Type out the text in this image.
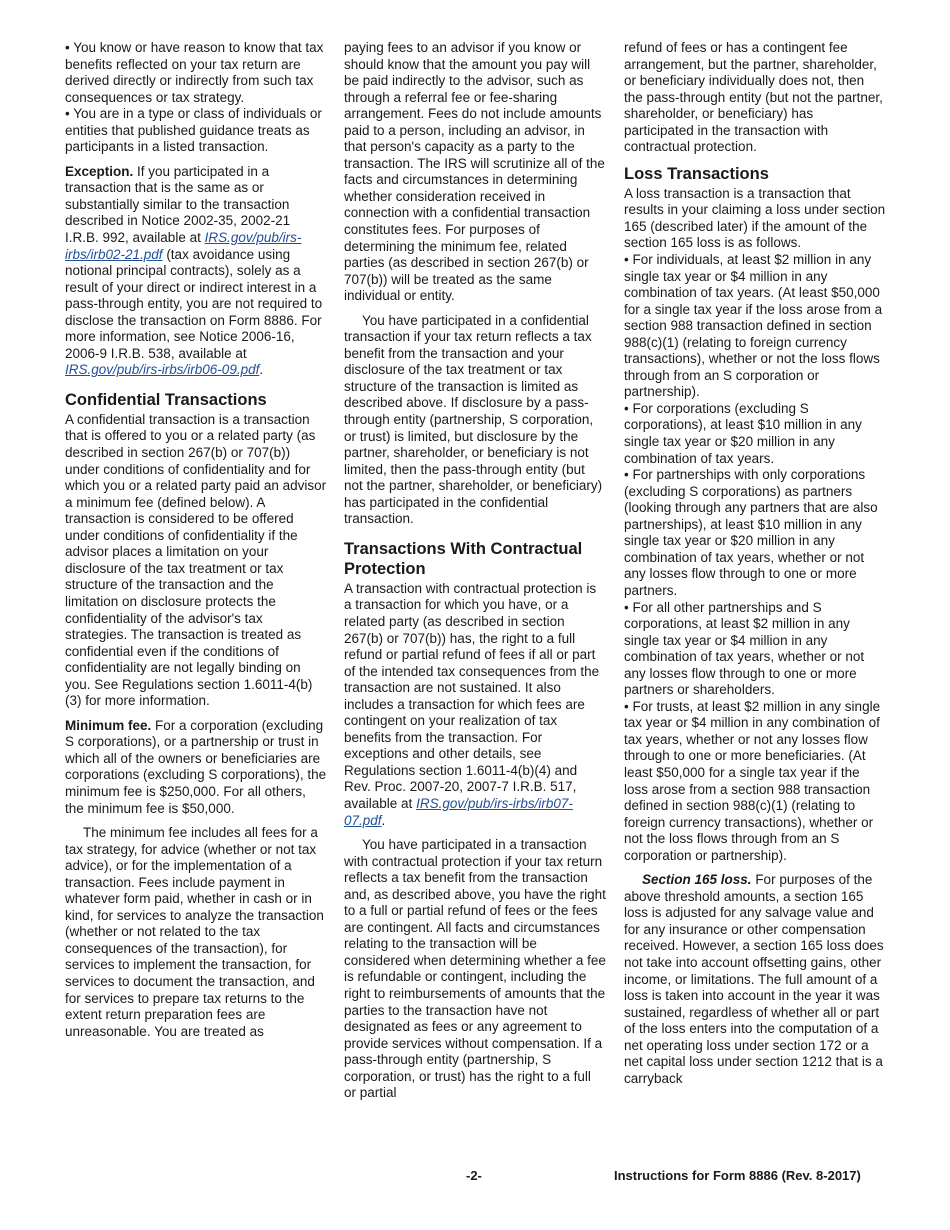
• You know or have reason to know that tax benefits reflected on your tax return are derived directly or indirectly from such tax consequences or tax strategy.

• You are in a type or class of individuals or entities that published guidance treats as participants in a listed transaction.

Exception. If you participated in a transaction that is the same as or substantially similar to the transaction described in Notice 2002-35, 2002-21 I.R.B. 992, available at IRS.gov/pub/irs-irbs/irb02-21.pdf (tax avoidance using notional principal contracts), solely as a result of your direct or indirect interest in a pass-through entity, you are not required to disclose the transaction on Form 8886. For more information, see Notice 2006-16, 2006-9 I.R.B. 538, available at IRS.gov/pub/irs-irbs/irb06-09.pdf.

Confidential Transactions

A confidential transaction is a transaction that is offered to you or a related party (as described in section 267(b) or 707(b)) under conditions of confidentiality and for which you or a related party paid an advisor a minimum fee (defined below). A transaction is considered to be offered under conditions of confidentiality if the advisor places a limitation on your disclosure of the tax treatment or tax structure of the transaction and the limitation on disclosure protects the confidentiality of the advisor's tax strategies. The transaction is treated as confidential even if the conditions of confidentiality are not legally binding on you. See Regulations section 1.6011-4(b)(3) for more information.

Minimum fee. For a corporation (excluding S corporations), or a partnership or trust in which all of the owners or beneficiaries are corporations (excluding S corporations), the minimum fee is $250,000. For all others, the minimum fee is $50,000.

The minimum fee includes all fees for a tax strategy, for advice (whether or not tax advice), or for the implementation of a transaction. Fees include payment in whatever form paid, whether in cash or in kind, for services to analyze the transaction (whether or not related to the tax consequences of the transaction), for services to implement the transaction, for services to document the transaction, and for services to prepare tax returns to the extent return preparation fees are unreasonable. You are treated as

paying fees to an advisor if you know or should know that the amount you pay will be paid indirectly to the advisor, such as through a referral fee or fee-sharing arrangement. Fees do not include amounts paid to a person, including an advisor, in that person's capacity as a party to the transaction. The IRS will scrutinize all of the facts and circumstances in determining whether consideration received in connection with a confidential transaction constitutes fees. For purposes of determining the minimum fee, related parties (as described in section 267(b) or 707(b)) will be treated as the same individual or entity.

You have participated in a confidential transaction if your tax return reflects a tax benefit from the transaction and your disclosure of the tax treatment or tax structure of the transaction is limited as described above. If disclosure by a pass-through entity (partnership, S corporation, or trust) is limited, but disclosure by the partner, shareholder, or beneficiary is not limited, then the pass-through entity (but not the partner, shareholder, or beneficiary) has participated in the confidential transaction.

Transactions With Contractual Protection

A transaction with contractual protection is a transaction for which you have, or a related party (as described in section 267(b) or 707(b)) has, the right to a full refund or partial refund of fees if all or part of the intended tax consequences from the transaction are not sustained. It also includes a transaction for which fees are contingent on your realization of tax benefits from the transaction. For exceptions and other details, see Regulations section 1.6011-4(b)(4) and Rev. Proc. 2007-20, 2007-7 I.R.B. 517, available at IRS.gov/pub/irs-irbs/irb07-07.pdf.

You have participated in a transaction with contractual protection if your tax return reflects a tax benefit from the transaction and, as described above, you have the right to a full or partial refund of fees or the fees are contingent. All facts and circumstances relating to the transaction will be considered when determining whether a fee is refundable or contingent, including the right to reimbursements of amounts that the parties to the transaction have not designated as fees or any agreement to provide services without compensation. If a pass-through entity (partnership, S corporation, or trust) has the right to a full or partial

refund of fees or has a contingent fee arrangement, but the partner, shareholder, or beneficiary individually does not, then the pass-through entity (but not the partner, shareholder, or beneficiary) has participated in the transaction with contractual protection.

Loss Transactions

A loss transaction is a transaction that results in your claiming a loss under section 165 (described later) if the amount of the section 165 loss is as follows.

• For individuals, at least $2 million in any single tax year or $4 million in any combination of tax years. (At least $50,000 for a single tax year if the loss arose from a section 988 transaction defined in section 988(c)(1) (relating to foreign currency transactions), whether or not the loss flows through from an S corporation or partnership).

• For corporations (excluding S corporations), at least $10 million in any single tax year or $20 million in any combination of tax years.

• For partnerships with only corporations (excluding S corporations) as partners (looking through any partners that are also partnerships), at least $10 million in any single tax year or $20 million in any combination of tax years, whether or not any losses flow through to one or more partners.

• For all other partnerships and S corporations, at least $2 million in any single tax year or $4 million in any combination of tax years, whether or not any losses flow through to one or more partners or shareholders.

• For trusts, at least $2 million in any single tax year or $4 million in any combination of tax years, whether or not any losses flow through to one or more beneficiaries. (At least $50,000 for a single tax year if the loss arose from a section 988 transaction defined in section 988(c)(1) (relating to foreign currency transactions), whether or not the loss flows through from an S corporation or partnership).

Section 165 loss. For purposes of the above threshold amounts, a section 165 loss is adjusted for any salvage value and for any insurance or other compensation received. However, a section 165 loss does not take into account offsetting gains, other income, or limitations. The full amount of a loss is taken into account in the year it was sustained, regardless of whether all or part of the loss enters into the computation of a net operating loss under section 172 or a net capital loss under section 1212 that is a carryback

-2-	Instructions for Form 8886 (Rev. 8-2017)
